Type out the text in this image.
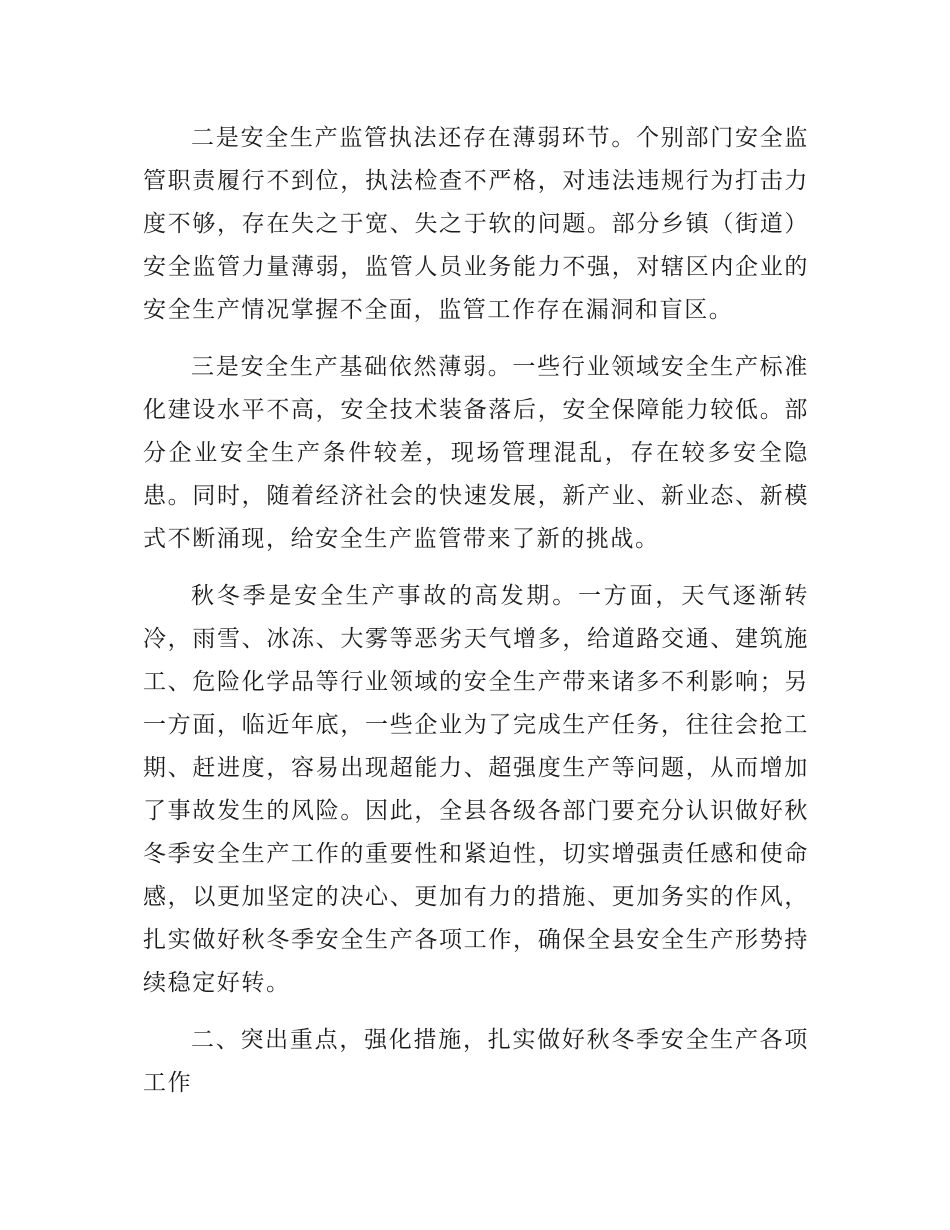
二是安全生产监管执法还存在薄弱环节。个别部门安全监管职责履行不到位，执法检查不严格，对违法违规行为打击力度不够，存在失之于宽、失之于软的问题。部分乡镇（街道）安全监管力量薄弱，监管人员业务能力不强，对辖区内企业的安全生产情况掌握不全面，监管工作存在漏洞和盲区。

三是安全生产基础依然薄弱。一些行业领域安全生产标准化建设水平不高，安全技术装备落后，安全保障能力较低。部分企业安全生产条件较差，现场管理混乱，存在较多安全隐患。同时，随着经济社会的快速发展，新产业、新业态、新模式不断涌现，给安全生产监管带来了新的挑战。

秋冬季是安全生产事故的高发期。一方面，天气逐渐转冷，雨雪、冰冻、大雾等恶劣天气增多，给道路交通、建筑施工、危险化学品等行业领域的安全生产带来诸多不利影响；另一方面，临近年底，一些企业为了完成生产任务，往往会抢工期、赶进度，容易出现超能力、超强度生产等问题，从而增加了事故发生的风险。因此，全县各级各部门要充分认识做好秋冬季安全生产工作的重要性和紧迫性，切实增强责任感和使命感，以更加坚定的决心、更加有力的措施、更加务实的作风，扎实做好秋冬季安全生产各项工作，确保全县安全生产形势持续稳定好转。

二、突出重点，强化措施，扎实做好秋冬季安全生产各项工作
